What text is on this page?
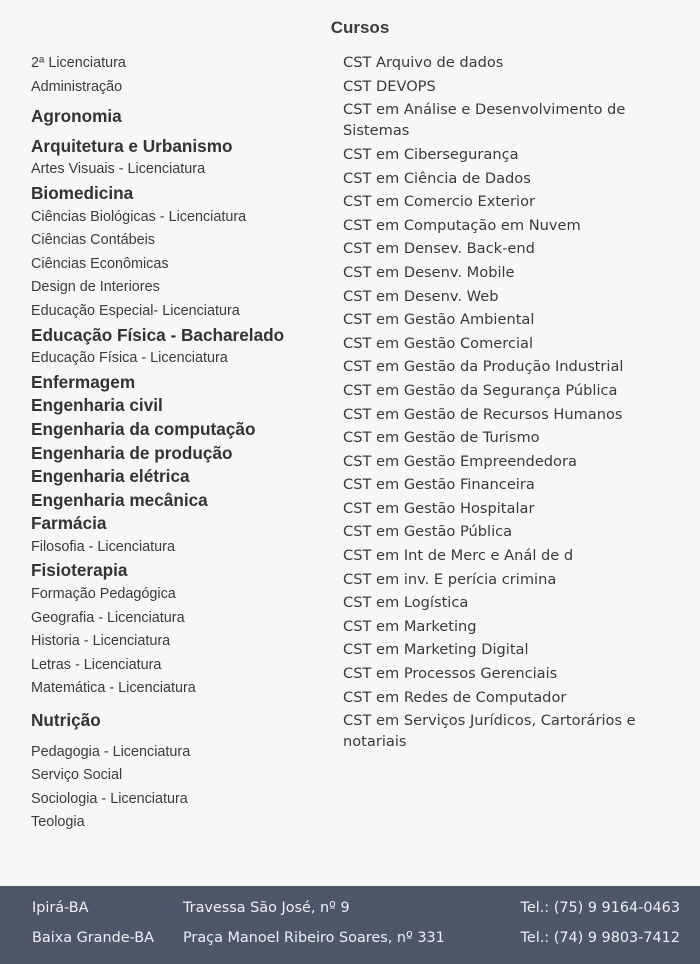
Cursos
2ª Licenciatura
Administração
Agronomia
Arquitetura e Urbanismo
Artes Visuais - Licenciatura
Biomedicina
Ciências Biológicas - Licenciatura
Ciências Contábeis
Ciências Econômicas
Design de Interiores
Educação Especial- Licenciatura
Educação Física - Bacharelado
Educação Física - Licenciatura
Enfermagem
Engenharia civil
Engenharia da computação
Engenharia de produção
Engenharia elétrica
Engenharia mecânica
Farmácia
Filosofia - Licenciatura
Fisioterapia
Formação Pedagógica
Geografia - Licenciatura
Historia - Licenciatura
Letras - Licenciatura
Matemática - Licenciatura
Nutrição
Pedagogia - Licenciatura
Serviço Social
Sociologia - Licenciatura
Teologia
CST Arquivo de dados
CST DEVOPS
CST em Análise e Desenvolvimento de Sistemas
CST em Cibersegurança
CST em Ciência de Dados
CST em Comercio Exterior
CST em Computação em Nuvem
CST em Densev. Back-end
CST em Desenv. Mobile
CST em Desenv. Web
CST em Gestão Ambiental
CST em Gestão Comercial
CST em Gestão da Produção Industrial
CST em Gestão da Segurança Pública
CST em Gestão de Recursos Humanos
CST em Gestão de Turismo
CST em Gestão Empreendedora
CST em Gestão Financeira
CST em Gestão Hospitalar
CST em Gestão Pública
CST em Int de Merc e Anál de d
CST em inv. E perícia crimina
CST em Logística
CST em Marketing
CST em Marketing Digital
CST em Processos Gerenciais
CST em Redes de Computador
CST em Serviços Jurídicos, Cartorários e notariais
Ipirá-BA	Travessa São José, nº 9	Tel.: (75) 9 9164-0463
Baixa Grande-BA Praça Manoel Ribeiro Soares, nº 331	Tel.: (74) 9 9803-7412
